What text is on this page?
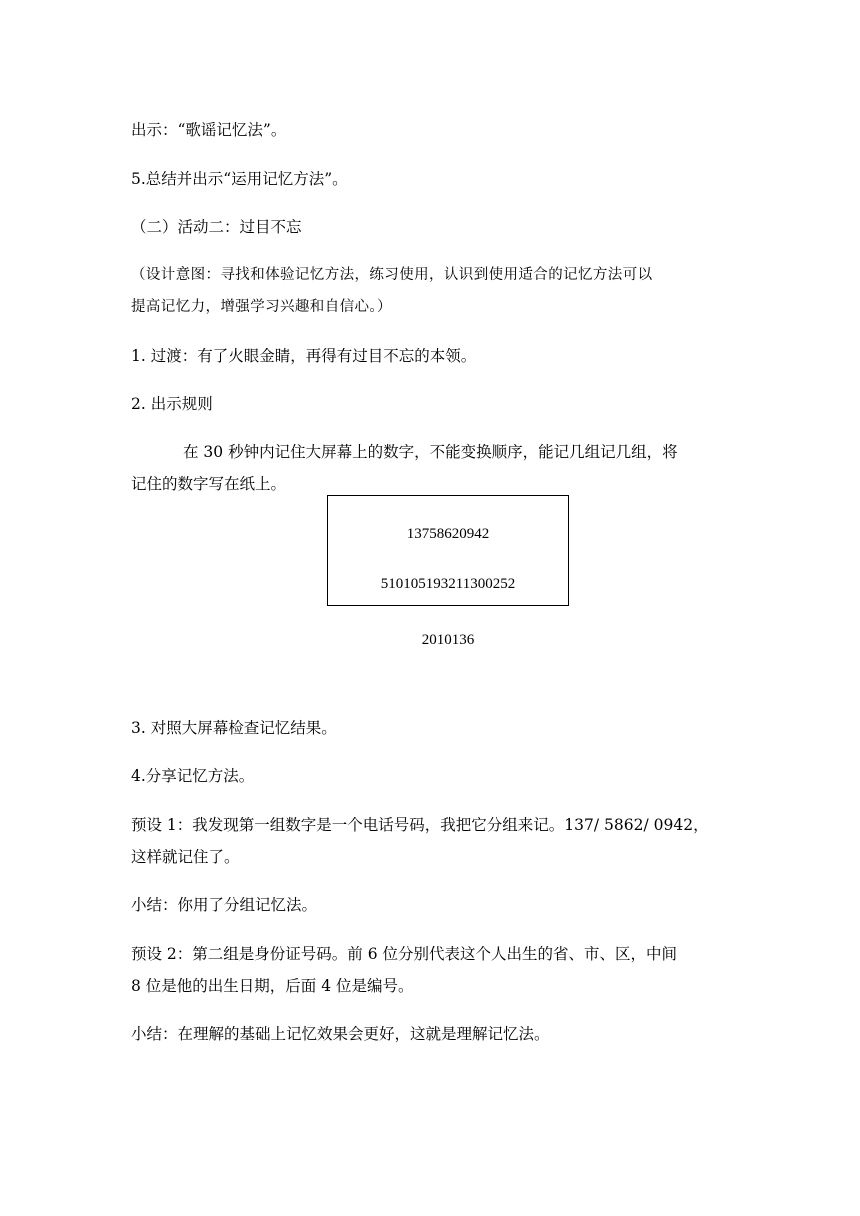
出示：“歌谣记忆法”。
5.总结并出示“运用记忆方法”。
（二）活动二：过目不忘
（设计意图：寻找和体验记忆方法，练习使用，认识到使用适合的记忆方法可以
提高记忆力，增强学习兴趣和自信心。）
1. 过渡：有了火眼金睛，再得有过目不忘的本领。
2. 出示规则
在 30 秒钟内记住大屏幕上的数字，不能变换顺序，能记几组记几组，将
记住的数字写在纸上。
13758620942
510105193211300252
2010136
3. 对照大屏幕检查记忆结果。
4.分享记忆方法。
预设 1：我发现第一组数字是一个电话号码，我把它分组来记。137/ 5862/ 0942，
这样就记住了。
小结：你用了分组记忆法。
预设 2：第二组是身份证号码。前 6 位分别代表这个人出生的省、市、区，中间
8 位是他的出生日期，后面 4 位是编号。
小结：在理解的基础上记忆效果会更好，这就是理解记忆法。
